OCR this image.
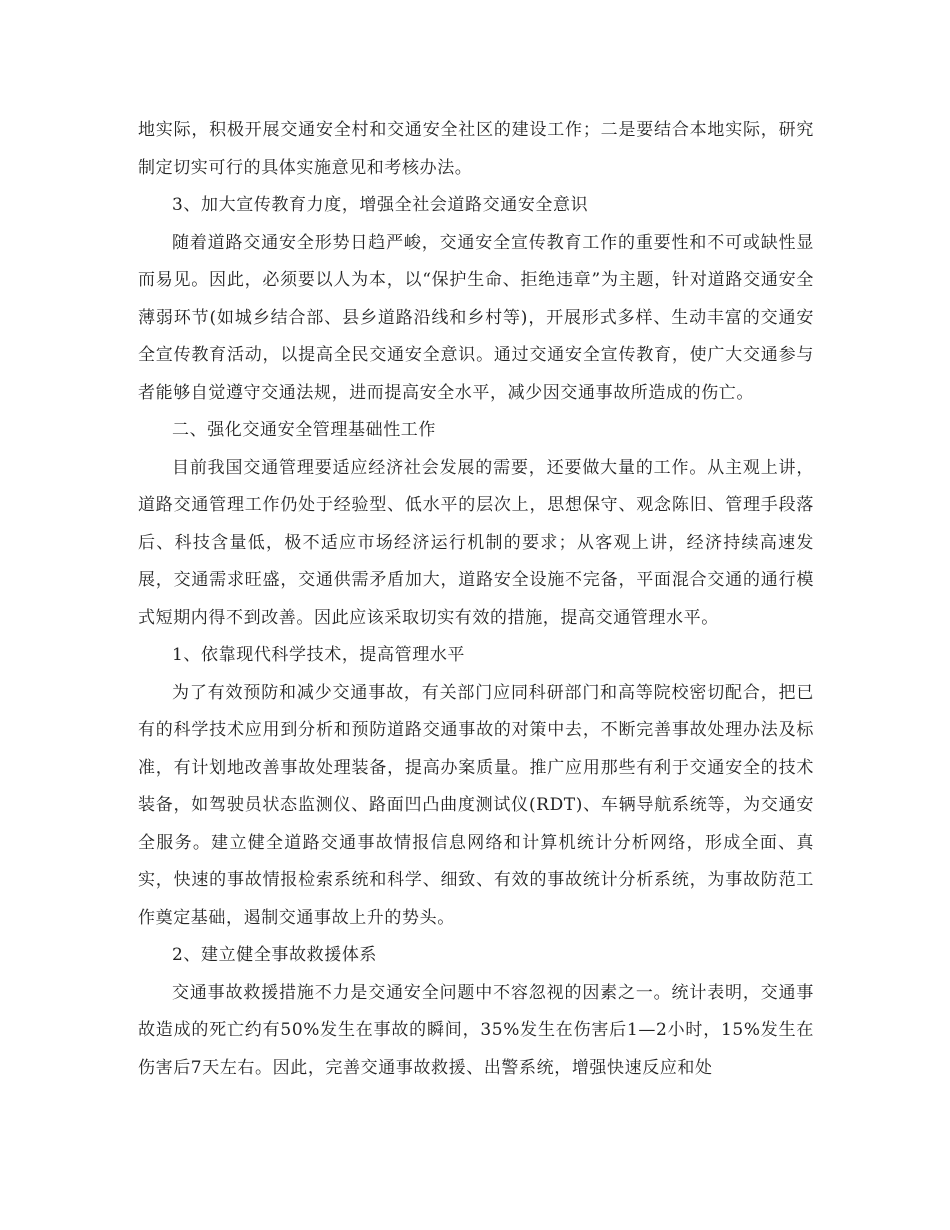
地实际，积极开展交通安全村和交通安全社区的建设工作；二是要结合本地实际，研究制定切实可行的具体实施意见和考核办法。

3、加大宣传教育力度，增强全社会道路交通安全意识

随着道路交通安全形势日趋严峻，交通安全宣传教育工作的重要性和不可或缺性显而易见。因此，必须要以人为本，以“保护生命、拒绝违章”为主题，针对道路交通安全薄弱环节(如城乡结合部、县乡道路沿线和乡村等)，开展形式多样、生动丰富的交通安全宣传教育活动，以提高全民交通安全意识。通过交通安全宣传教育，使广大交通参与者能够自觉遵守交通法规，进而提高安全水平，减少因交通事故所造成的伤亡。

二、强化交通安全管理基础性工作

目前我国交通管理要适应经济社会发展的需要，还要做大量的工作。从主观上讲，道路交通管理工作仍处于经验型、低水平的层次上，思想保守、观念陈旧、管理手段落后、科技含量低，极不适应市场经济运行机制的要求；从客观上讲，经济持续高速发展，交通需求旺盛，交通供需矛盾加大，道路安全设施不完备，平面混合交通的通行模式短期内得不到改善。因此应该采取切实有效的措施，提高交通管理水平。

1、依靠现代科学技术，提高管理水平

为了有效预防和减少交通事故，有关部门应同科研部门和高等院校密切配合，把已有的科学技术应用到分析和预防道路交通事故的对策中去，不断完善事故处理办法及标准，有计划地改善事故处理装备，提高办案质量。推广应用那些有利于交通安全的技术装备，如驾驶员状态监测仪、路面凹凸曲度测试仪(RDT)、车辆导航系统等，为交通安全服务。建立健全道路交通事故情报信息网络和计算机统计分析网络，形成全面、真实，快速的事故情报检索系统和科学、细致、有效的事故统计分析系统，为事故防范工作奠定基础，遏制交通事故上升的势头。

2、建立健全事故救援体系

交通事故救援措施不力是交通安全问题中不容忽视的因素之一。统计表明，交通事故造成的死亡约有50%发生在事故的瞬间，35%发生在伤害后1—2小时，15%发生在伤害后7天左右。因此，完善交通事故救援、出警系统，增强快速反应和处
